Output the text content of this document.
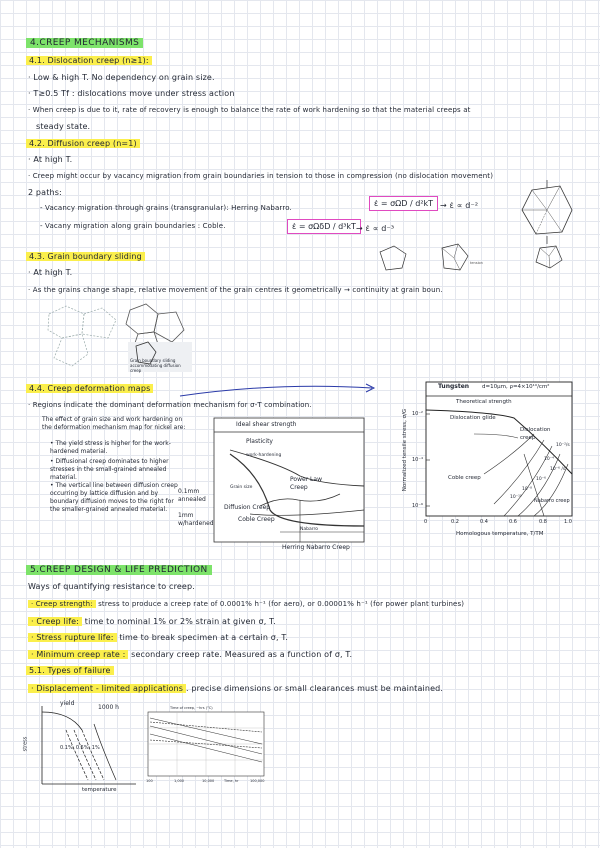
4.CREEP MECHANISMS
4.1. Dislocation creep (n≥1):
· Low & high T. No dependency on grain size.
· T≥0.5 Tf : dislocations move under stress action
· When creep is due to it, rate of recovery is enough to balance the rate of work hardening so that the material creeps at
steady state.
4.2. Diffusion creep (n=1)
· At high T.
· Creep might occur by vacancy migration from grain boundaries in tension to those in compression (no dislocation movement)
2 paths:
- Vacancy migration through grains (transgranular): Herring Nabarro.
- Vacany migration along grain boundaries : Coble.
ε̇ = σΩD / d²kT → ε̇ ∝ d⁻²
ε̇ = σΩδD / d³kT → ε̇ ∝ d⁻³
tension
4.3. Grain boundary sliding
· At high T.
· As the grains change shape, relative movement of the grain centres it geometrically → continuity at grain boun.
Grain boundary sliding accommodating diffusion creep
4.4. Creep deformation maps
· Regions indicate the dominant deformation mechanism for σ-T combination.
The effect of grain size and work hardening on the deformation mechanism map for nickel are:
• The yield stress is higher for the work-hardened material.
• Diffusional creep dominates to higher stresses in the small-grained annealed material.
• The vertical line between diffusion creep occurring by lattice diffusion and by boundary diffusion moves to the right for the smaller-grained annealed material.
0.1mm annealed
1mm w/hardened
Ideal shear strength
Plasticity
work-hardening
Grain size
Power Law Creep
Diffusion Creep
Coble Creep
Nabarro
Herring Nabarro Creep
Tungsten	d=10μm, ρ=4×10¹⁰/cm²
Theoretical strength
Dislocation glide
Dislocation creep
Coble creep
Nabarro creep
10⁻⁴
10⁻⁶
10⁻⁸
10⁻¹⁰
10⁻²/s
10⁻⁶ /s
10⁻²
10⁻⁴
10⁻⁶
0	0.2	0.4	0.6	0.8	1.0
Homologous temperature, T/TM
Normalized tensile stress, σ/G
5.CREEP DESIGN & LIFE PREDICTION
Ways of quantifying resistance to creep.
· Creep strength: stress to produce a creep rate of 0.0001% h⁻¹ (for aero), or 0.00001% h⁻¹ (for power plant turbines)
· Creep life: time to nominal 1% or 2% strain at given σ, T.
· Stress rupture life: time to break specimen at a certain σ, T.
· Minimum creep rate : secondary creep rate. Measured as a function of σ, T.
5.1. Types of failure
· Displacement - limited applications . precise dimensions or small clearances must be maintained.
yield
1000 h
0.1%, 0.5%, 1%
stress
temperature
Time of creep, ~hrs (°C)
100	1,000	10,000	100,000
Time, hr
